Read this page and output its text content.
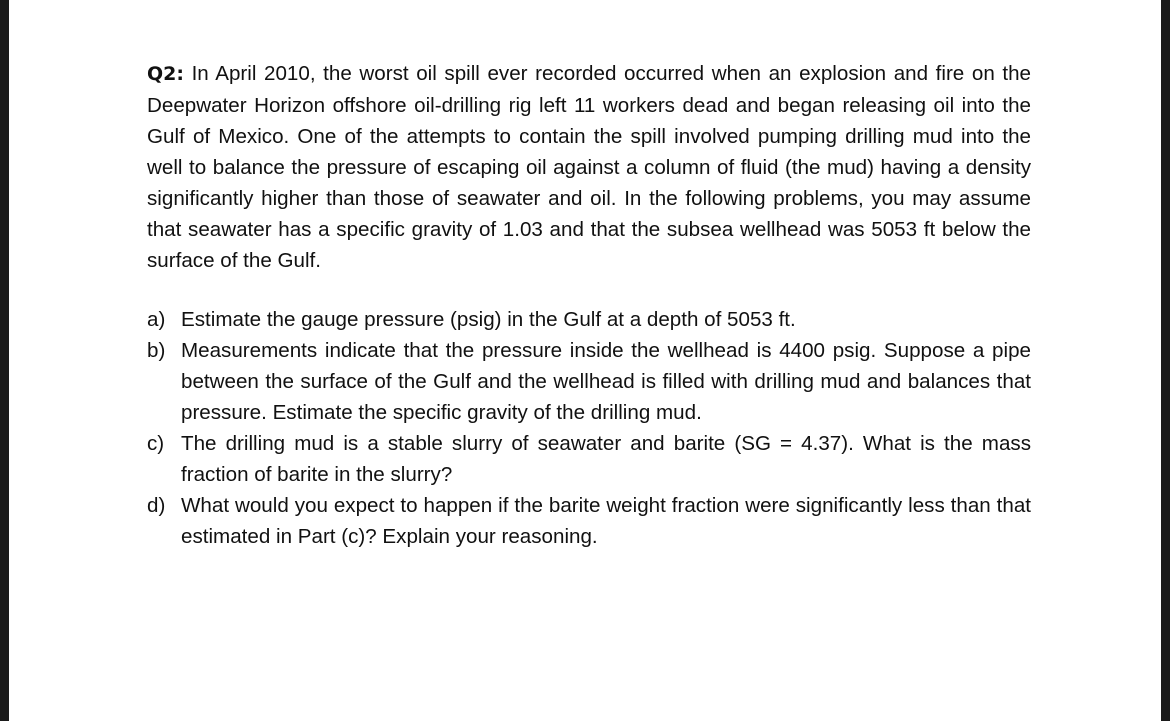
Q2: In April 2010, the worst oil spill ever recorded occurred when an explosion and fire on the Deepwater Horizon offshore oil-drilling rig left 11 workers dead and began releasing oil into the Gulf of Mexico. One of the attempts to contain the spill involved pumping drilling mud into the well to balance the pressure of escaping oil against a column of fluid (the mud) having a density significantly higher than those of seawater and oil. In the following problems, you may assume that seawater has a specific gravity of 1.03 and that the subsea wellhead was 5053 ft below the surface of the Gulf.

a) Estimate the gauge pressure (psig) in the Gulf at a depth of 5053 ft.
b) Measurements indicate that the pressure inside the wellhead is 4400 psig. Suppose a pipe between the surface of the Gulf and the wellhead is filled with drilling mud and balances that pressure. Estimate the specific gravity of the drilling mud.
c) The drilling mud is a stable slurry of seawater and barite (SG = 4.37). What is the mass fraction of barite in the slurry?
d) What would you expect to happen if the barite weight fraction were significantly less than that estimated in Part (c)? Explain your reasoning.
